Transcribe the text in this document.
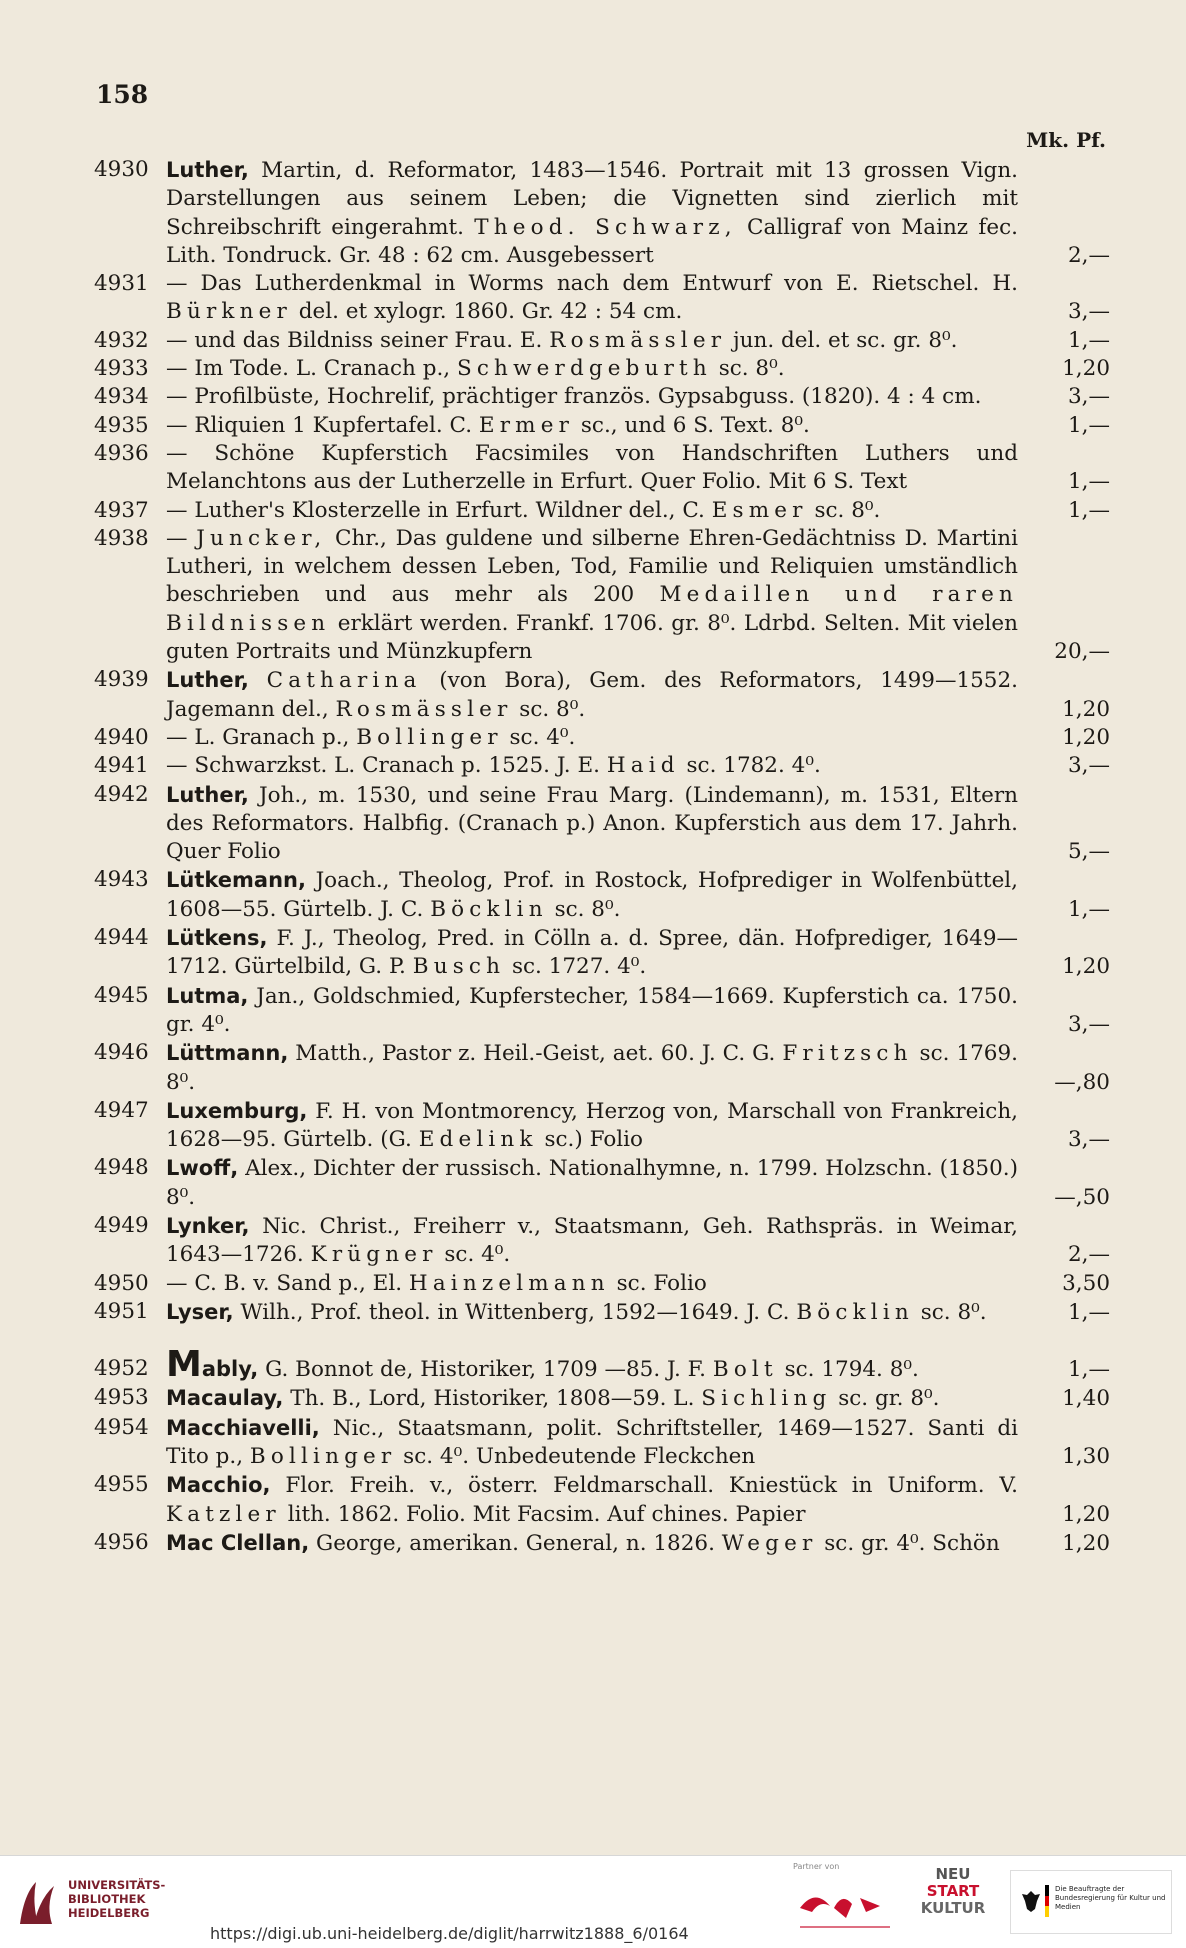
158
Mk. Pf.
4930 Luther, Martin, d. Reformator, 1483—1546. Portrait mit 13 grossen Vign. Darstellungen aus seinem Leben; die Vignetten sind zierlich mit Schreibschrift eingerahmt. Theod. Schwarz, Calligraf von Mainz fec. Lith. Tondruck. Gr. 48 : 62 cm. Ausgebessert	2,—
4931 — Das Lutherdenkmal in Worms nach dem Entwurf von E. Rietschel. H. Bürkner del. et xylogr. 1860. Gr. 42 : 54 cm.	3,—
4932 — und das Bildniss seiner Frau. E. Rosmässler jun. del. et sc. gr. 8⁰.	1,—
4933 — Im Tode. L. Cranach p., Schwerdgeburth sc. 8⁰.	1,20
4934 — Profilbüste, Hochrelif, prächtiger französ. Gypsabguss. (1820). 4 : 4 cm.	3,—
4935 — Rliquien 1 Kupfertafel. C. Ermer sc., und 6 S. Text. 8⁰.	1,—
4936 — Schöne Kupferstich Facsimiles von Handschriften Luthers und Melanchtons aus der Lutherzelle in Erfurt. Quer Folio. Mit 6 S. Text	1,—
4937 — Luther's Klosterzelle in Erfurt. Wildner del., C. Esmer sc. 8⁰.	1,—
4938 — Juncker, Chr., Das guldene und silberne Ehren-Gedächtniss D. Martini Lutheri, in welchem dessen Leben, Tod, Familie und Reliquien umständlich beschrieben und aus mehr als 200 Medaillen und raren Bildnissen erklärt werden. Frankf. 1706. gr. 8⁰. Ldrbd. Selten. Mit vielen guten Portraits und Münzkupfern	20,—
4939 Luther, Catharina (von Bora), Gem. des Reformators, 1499—1552. Jagemann del., Rosmässler sc. 8⁰.	1,20
4940 — L. Granach p., Bollinger sc. 4⁰.	1,20
4941 — Schwarzkst. L. Cranach p. 1525. J. E. Haid sc. 1782. 4⁰.	3,—
4942 Luther, Joh., m. 1530, und seine Frau Marg. (Lindemann), m. 1531, Eltern des Reformators. Halbfig. (Cranach p.) Anon. Kupferstich aus dem 17. Jahrh. Quer Folio	5,—
4943 Lütkemann, Joach., Theolog, Prof. in Rostock, Hofprediger in Wolfenbüttel, 1608—55. Gürtelb. J. C. Böcklin sc. 8⁰.	1,—
4944 Lütkens, F. J., Theolog, Pred. in Cölln a. d. Spree, dän. Hofprediger, 1649—1712. Gürtelbild, G. P. Busch sc. 1727. 4⁰.	1,20
4945 Lutma, Jan., Goldschmied, Kupferstecher, 1584—1669. Kupferstich ca. 1750. gr. 4⁰.	3,—
4946 Lüttmann, Matth., Pastor z. Heil.-Geist, aet. 60. J. C. G. Fritzsch sc. 1769. 8⁰.	—,80
4947 Luxemburg, F. H. von Montmorency, Herzog von, Marschall von Frankreich, 1628—95. Gürtelb. (G. Edelink sc.) Folio	3,—
4948 Lwoff, Alex., Dichter der russisch. Nationalhymne, n. 1799. Holzschn. (1850.) 8⁰.	—,50
4949 Lynker, Nic. Christ., Freiherr v., Staatsmann, Geh. Rathspräs. in Weimar, 1643—1726. Krügner sc. 4⁰.	2,—
4950 — C. B. v. Sand p., El. Hainzelmann sc. Folio	3,50
4951 Lyser, Wilh., Prof. theol. in Wittenberg, 1592—1649. J. C. Böcklin sc. 8⁰.	1,—
4952 Mably, G. Bonnot de, Historiker, 1709 —85. J. F. Bolt sc. 1794. 8⁰.	1,—
4953 Macaulay, Th. B., Lord, Historiker, 1808—59. L. Sichling sc. gr. 8⁰.	1,40
4954 Macchiavelli, Nic., Staatsmann, polit. Schriftsteller, 1469—1527. Santi di Tito p., Bollinger sc. 4⁰. Unbedeutende Fleckchen	1,30
4955 Macchio, Flor. Freih. v., österr. Feldmarschall. Kniestück in Uniform. V. Katzler lith. 1862. Folio. Mit Facsim. Auf chines. Papier	1,20
4956 Mac Clellan, George, amerikan. General, n. 1826. Weger sc. gr. 4⁰. Schön	1,20
UNIVERSITÄTS-
BIBLIOTHEK
HEIDELBERG
https://digi.ub.uni-heidelberg.de/diglit/harrwitz1888_6/0164
Partner von	NEU
START
KULTUR
Die Beauftragte der Bundesregierung für Kultur und Medien
